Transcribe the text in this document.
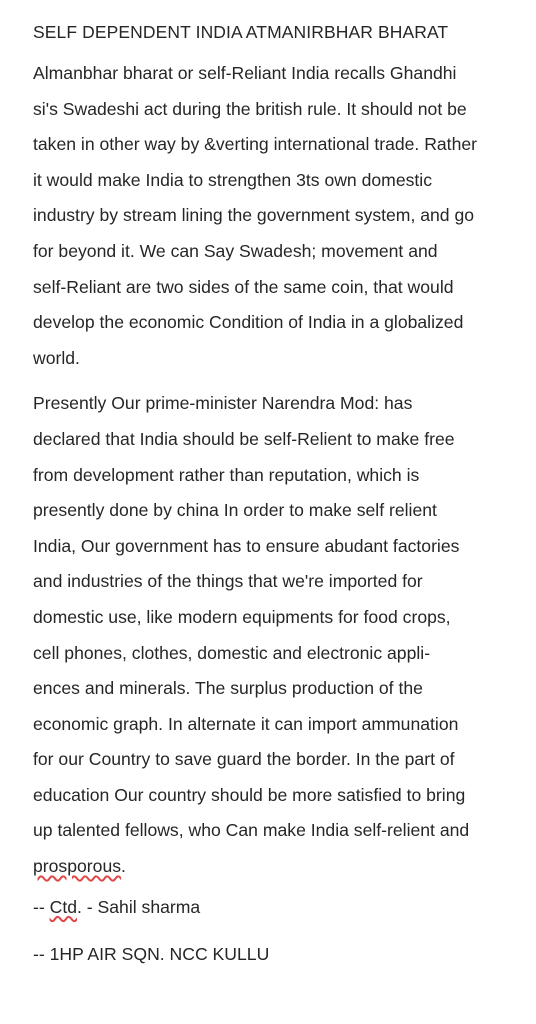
SELF DEPENDENT INDIA ATMANIRBHAR BHARAT
Almanbhar bharat or self-Reliant India recalls Ghandhi
si's Swadeshi act during the british rule. It should not be
taken in other way by &verting international trade. Rather
it would make India to strengthen 3ts own domestic
industry by stream lining the government system, and go
for beyond it. We can Say Swadesh; movement and
self-Reliant are two sides of the same coin, that would
develop the economic Condition of India in a globalized
world.
Presently Our prime-minister Narendra Mod: has
declared that India should be self-Relient to make free
from development rather than reputation, which is
presently done by china In order to make self relient
India, Our government has to ensure abudant factories
and industries of the things that we're imported for
domestic use, like modern equipments for food crops,
cell phones, clothes, domestic and electronic appli-
ences and minerals. The surplus production of the
economic graph. In alternate it can import ammunation
for our Country to save guard the border. In the part of
education Our country should be more satisfied to bring
up talented fellows, who Can make India self-relient and
prosporous.
-- Ctd. - Sahil sharma
-- 1HP AIR SQN. NCC KULLU
